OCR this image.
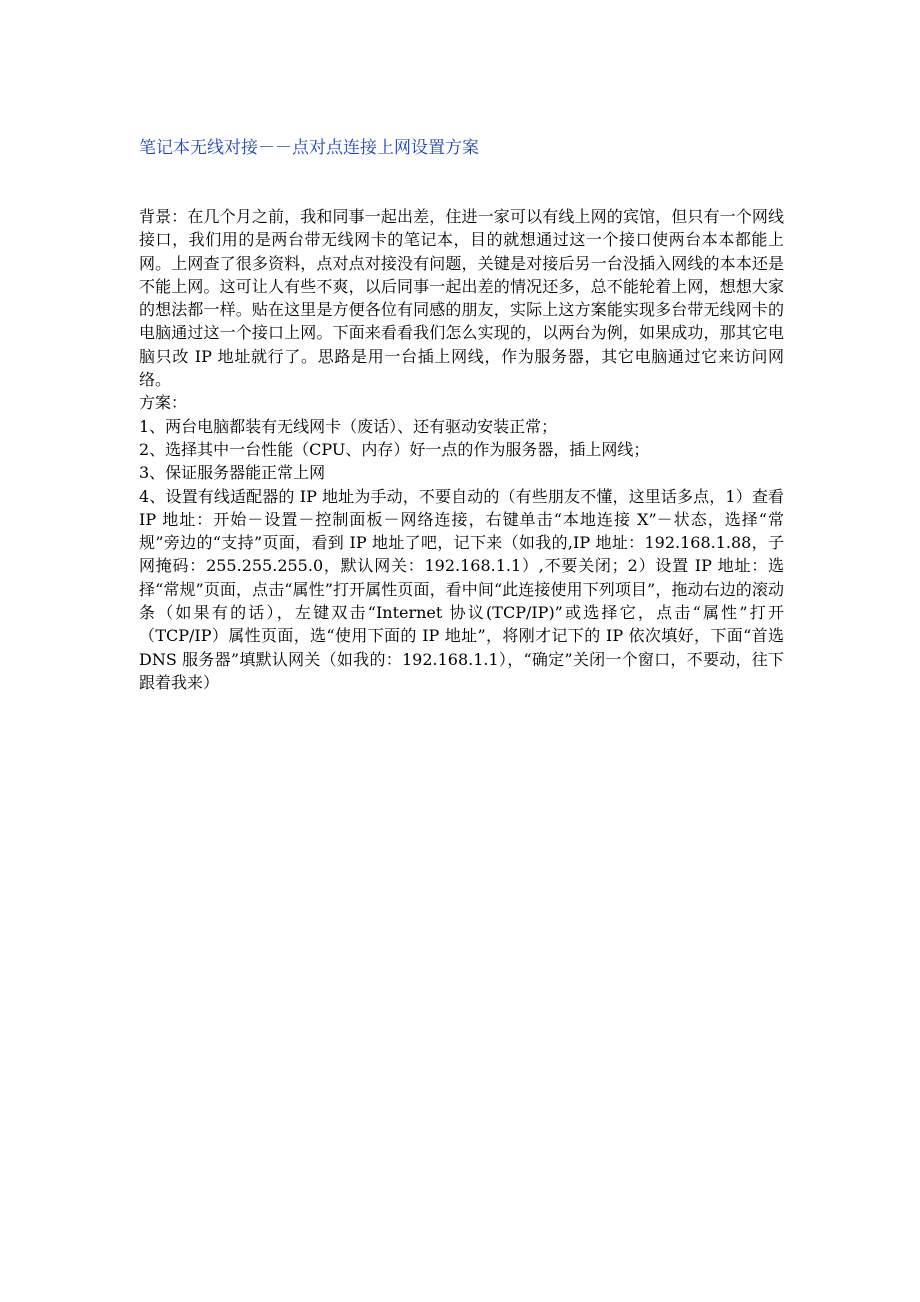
笔记本无线对接－－点对点连接上网设置方案

背景：在几个月之前，我和同事一起出差，住进一家可以有线上网的宾馆，但只有一个网线接口，我们用的是两台带无线网卡的笔记本，目的就想通过这一个接口使两台本本都能上网。上网查了很多资料，点对点对接没有问题，关键是对接后另一台没插入网线的本本还是不能上网。这可让人有些不爽，以后同事一起出差的情况还多，总不能轮着上网，想想大家的想法都一样。贴在这里是方便各位有同感的朋友，实际上这方案能实现多台带无线网卡的电脑通过这一个接口上网。下面来看看我们怎么实现的，以两台为例，如果成功，那其它电脑只改 IP 地址就行了。思路是用一台插上网线，作为服务器，其它电脑通过它来访问网络。

方案：

1、两台电脑都装有无线网卡（废话）、还有驱动安装正常；

2、选择其中一台性能（CPU、内存）好一点的作为服务器，插上网线；

3、保证服务器能正常上网

4、设置有线适配器的 IP 地址为手动，不要自动的（有些朋友不懂，这里话多点，1）查看 IP 地址：开始－设置－控制面板－网络连接，右键单击“本地连接 X”－状态，选择“常规”旁边的“支持”页面，看到 IP 地址了吧，记下来（如我的,IP 地址：192.168.1.88，子网掩码：255.255.255.0，默认网关：192.168.1.1）,不要关闭；2）设置 IP 地址：选择“常规”页面，点击“属性”打开属性页面，看中间“此连接使用下列项目”，拖动右边的滚动条（如果有的话），左键双击“Internet 协议(TCP/IP)”或选择它，点击“属性”打开（TCP/IP）属性页面，选“使用下面的 IP 地址”，将刚才记下的 IP 依次填好，下面“首选 DNS 服务器”填默认网关（如我的：192.168.1.1），“确定”关闭一个窗口，不要动，往下跟着我来）
